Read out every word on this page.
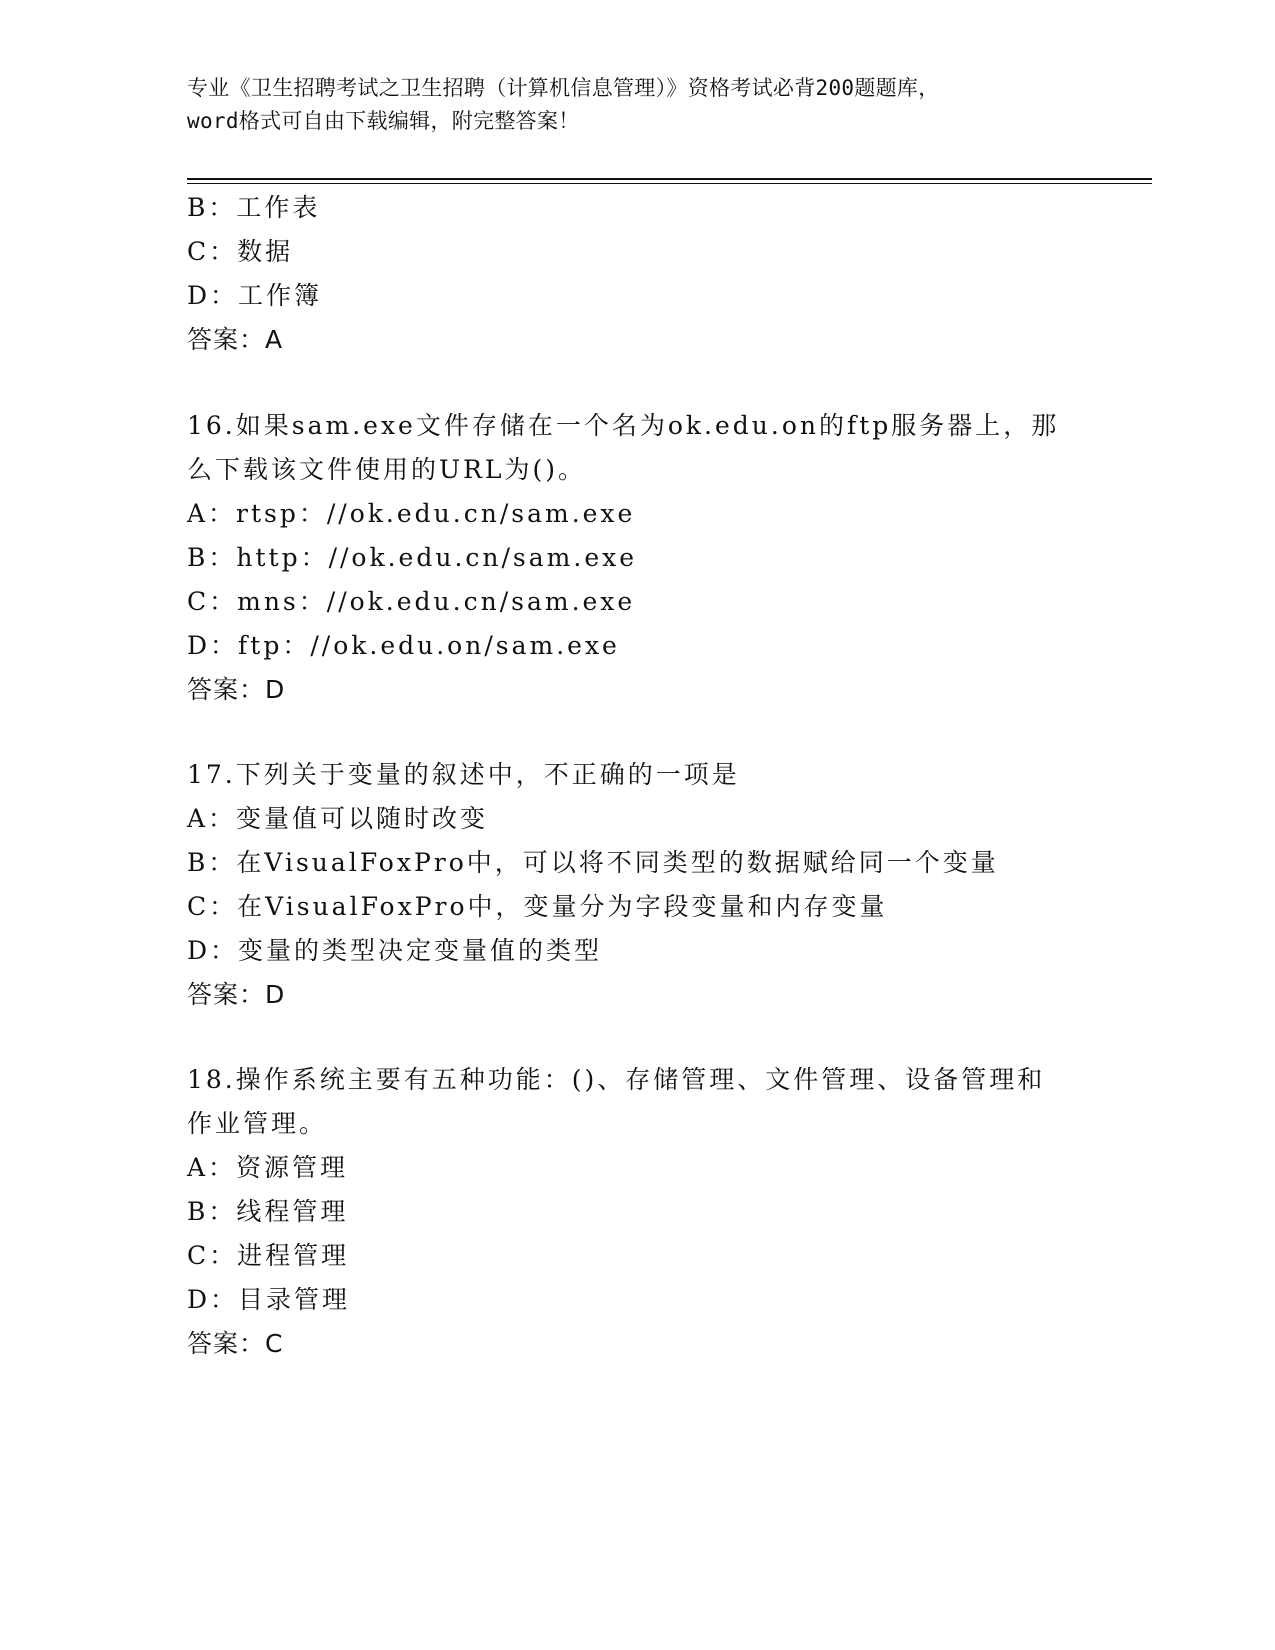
专业《卫生招聘考试之卫生招聘（计算机信息管理）》资格考试必背200题题库，
word格式可自由下载编辑，附完整答案！
B：工作表
C：数据
D：工作簿
答案：A
16.如果sam.exe文件存储在一个名为ok.edu.on的ftp服务器上，那
么下载该文件使用的URL为()。
A：rtsp：//ok.edu.cn/sam.exe
B：http：//ok.edu.cn/sam.exe
C：mns：//ok.edu.cn/sam.exe
D：ftp：//ok.edu.on/sam.exe
答案：D
17.下列关于变量的叙述中，不正确的一项是
A：变量值可以随时改变
B：在VisualFoxPro中，可以将不同类型的数据赋给同一个变量
C：在VisualFoxPro中，变量分为字段变量和内存变量
D：变量的类型决定变量值的类型
答案：D
18.操作系统主要有五种功能：()、存储管理、文件管理、设备管理和
作业管理。
A：资源管理
B：线程管理
C：进程管理
D：目录管理
答案：C
